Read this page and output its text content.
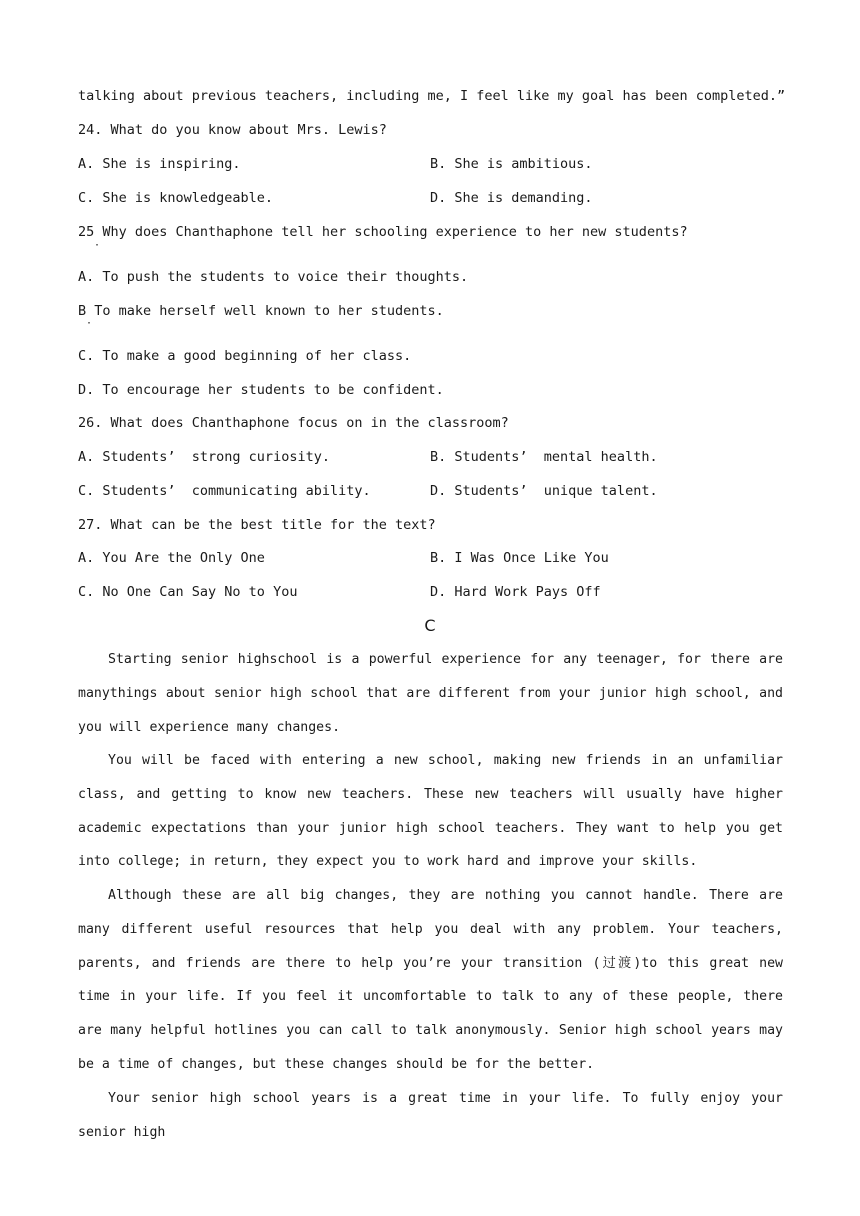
talking about previous teachers, including me, I feel like my goal has been completed.”
24. What do you know about Mrs. Lewis?
A. She is inspiring.	B. She is ambitious.
C. She is knowledgeable.	D. She is demanding.
25 Why does Chanthaphone tell her schooling experience to her new students?
·
A. To push the students to voice their thoughts.
B To make herself well known to her students.
·
C. To make a good beginning of her class.
D. To encourage her students to be confident.
26. What does Chanthaphone focus on in the classroom?
A. Students’  strong curiosity.	B. Students’  mental health.
C. Students’  communicating ability.	D. Students’  unique talent.
27. What can be the best title for the text?
A. You Are the Only One	B. I Was Once Like You
C. No One Can Say No to You	D. Hard Work Pays Off
C
Starting senior highschool is a powerful experience for any teenager, for there are manythings about senior high school that are different from your junior high school, and you will experience many changes.
You will be faced with entering a new school, making new friends in an unfamiliar class, and getting to know new teachers. These new teachers will usually have higher academic expectations than your junior high school teachers. They want to help you get into college; in return, they expect you to work hard and improve your skills.
Although these are all big changes, they are nothing you cannot handle. There are many different useful resources that help you deal with any problem. Your teachers, parents, and friends are there to help you’re your transition (过渡)to this great new time in your life. If you feel it uncomfortable to talk to any of these people, there are many helpful hotlines you can call to talk anonymously. Senior high school years may be a time of changes, but these changes should be for the better.
Your senior high school years is a great time in your life. To fully enjoy your senior high
